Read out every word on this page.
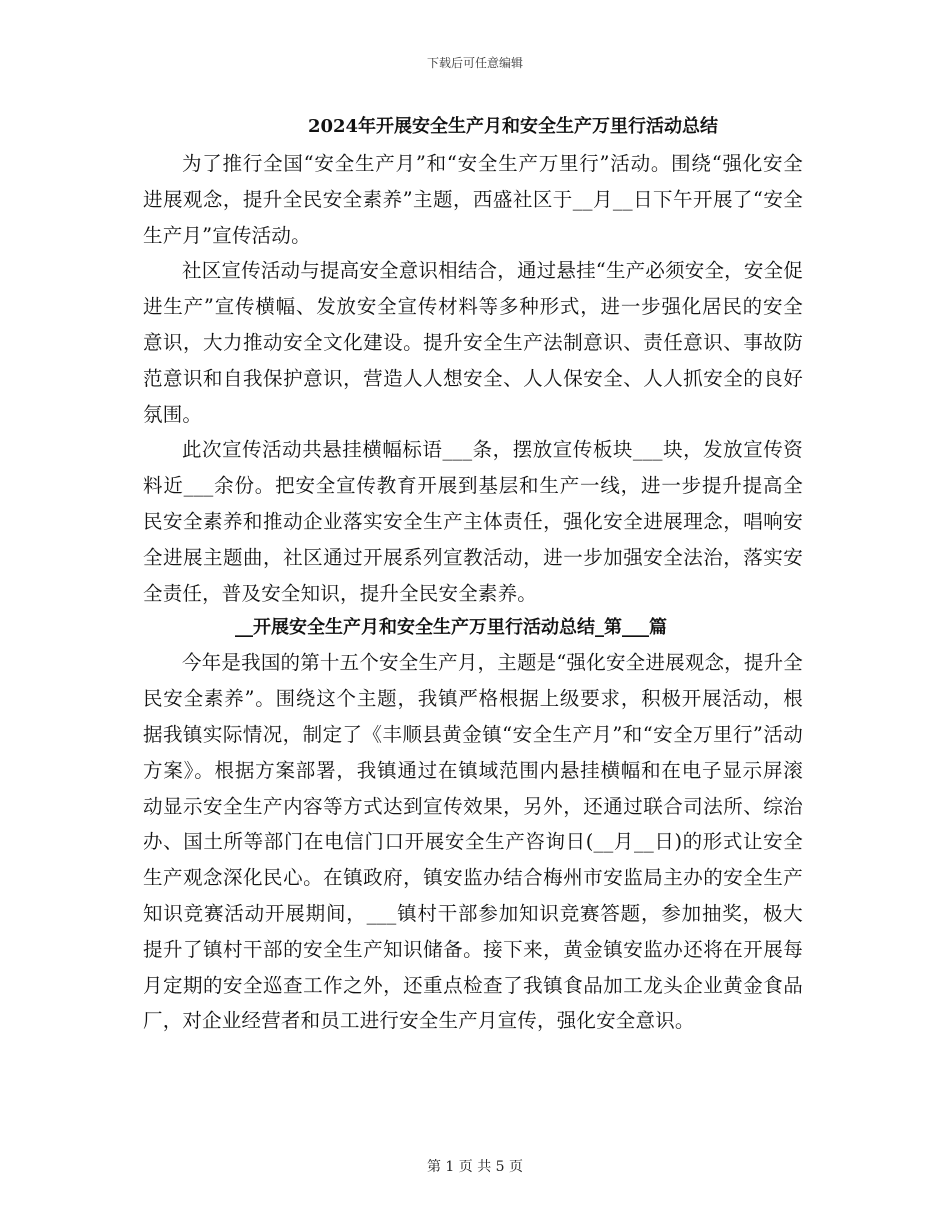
下载后可任意编辑
2024年开展安全生产月和安全生产万里行活动总结

为了推行全国“安全生产月”和“安全生产万里行”活动。围绕“强化安全进展观念，提升全民安全素养”主题，西盛社区于__月__日下午开展了“安全生产月”宣传活动。

社区宣传活动与提高安全意识相结合，通过悬挂“生产必须安全，安全促进生产”宣传横幅、发放安全宣传材料等多种形式，进一步强化居民的安全意识，大力推动安全文化建设。提升安全生产法制意识、责任意识、事故防范意识和自我保护意识，营造人人想安全、人人保安全、人人抓安全的良好氛围。

此次宣传活动共悬挂横幅标语___条，摆放宣传板块___块，发放宣传资料近___余份。把安全宣传教育开展到基层和生产一线，进一步提升提高全民安全素养和推动企业落实安全生产主体责任，强化安全进展理念，唱响安全进展主题曲，社区通过开展系列宣教活动，进一步加强安全法治，落实安全责任，普及安全知识，提升全民安全素养。

__开展安全生产月和安全生产万里行活动总结_第___篇

今年是我国的第十五个安全生产月，主题是“强化安全进展观念，提升全民安全素养”。围绕这个主题，我镇严格根据上级要求，积极开展活动，根据我镇实际情况，制定了《丰顺县黄金镇“安全生产月”和“安全万里行”活动方案》。根据方案部署，我镇通过在镇域范围内悬挂横幅和在电子显示屏滚动显示安全生产内容等方式达到宣传效果，另外，还通过联合司法所、综治办、国土所等部门在电信门口开展安全生产咨询日(__月__日)的形式让安全生产观念深化民心。在镇政府，镇安监办结合梅州市安监局主办的安全生产知识竞赛活动开展期间，___镇村干部参加知识竞赛答题，参加抽奖，极大提升了镇村干部的安全生产知识储备。接下来，黄金镇安监办还将在开展每月定期的安全巡查工作之外，还重点检查了我镇食品加工龙头企业黄金食品厂，对企业经营者和员工进行安全生产月宣传，强化安全意识。

第 1 页 共 5 页
